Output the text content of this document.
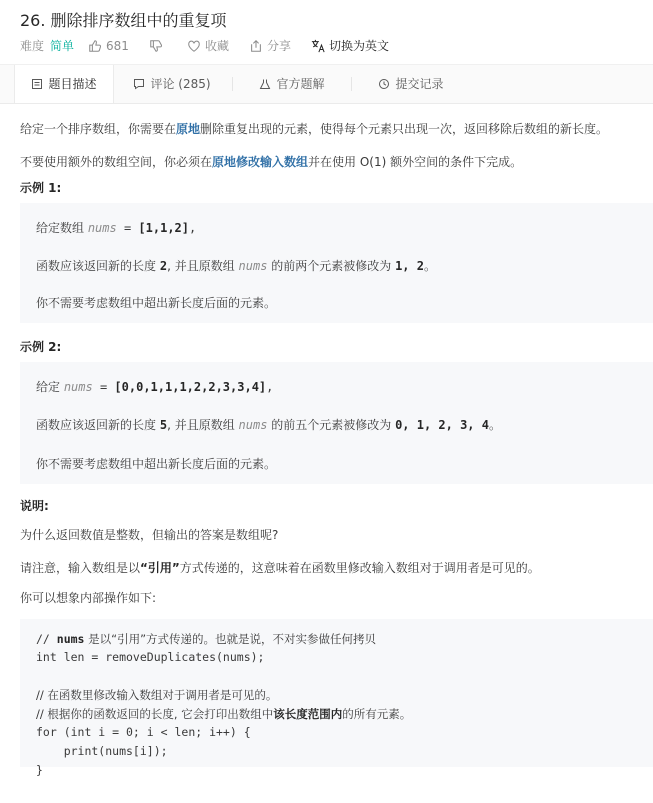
26. 删除排序数组中的重复项
难度 简单	681	收藏	分享	切换为英文
题目描述	评论 (285)	官方题解	提交记录
给定一个排序数组，你需要在原地删除重复出现的元素，使得每个元素只出现一次，返回移除后数组的新长度。
不要使用额外的数组空间，你必须在原地修改输入数组并在使用 O(1) 额外空间的条件下完成。
示例 1:
给定数组 nums = [1,1,2],
函数应该返回新的长度 2, 并且原数组 nums 的前两个元素被修改为 1, 2。
你不需要考虑数组中超出新长度后面的元素。
示例 2:
给定 nums = [0,0,1,1,1,2,2,3,3,4],
函数应该返回新的长度 5, 并且原数组 nums 的前五个元素被修改为 0, 1, 2, 3, 4。
你不需要考虑数组中超出新长度后面的元素。
说明:
为什么返回数值是整数，但输出的答案是数组呢?
请注意，输入数组是以“引用”方式传递的，这意味着在函数里修改输入数组对于调用者是可见的。
你可以想象内部操作如下:
// nums 是以“引用”方式传递的。也就是说，不对实参做任何拷贝
int len = removeDuplicates(nums);
// 在函数里修改输入数组对于调用者是可见的。
// 根据你的函数返回的长度, 它会打印出数组中该长度范围内的所有元素。
for (int i = 0; i < len; i++) {
print(nums[i]);
}
